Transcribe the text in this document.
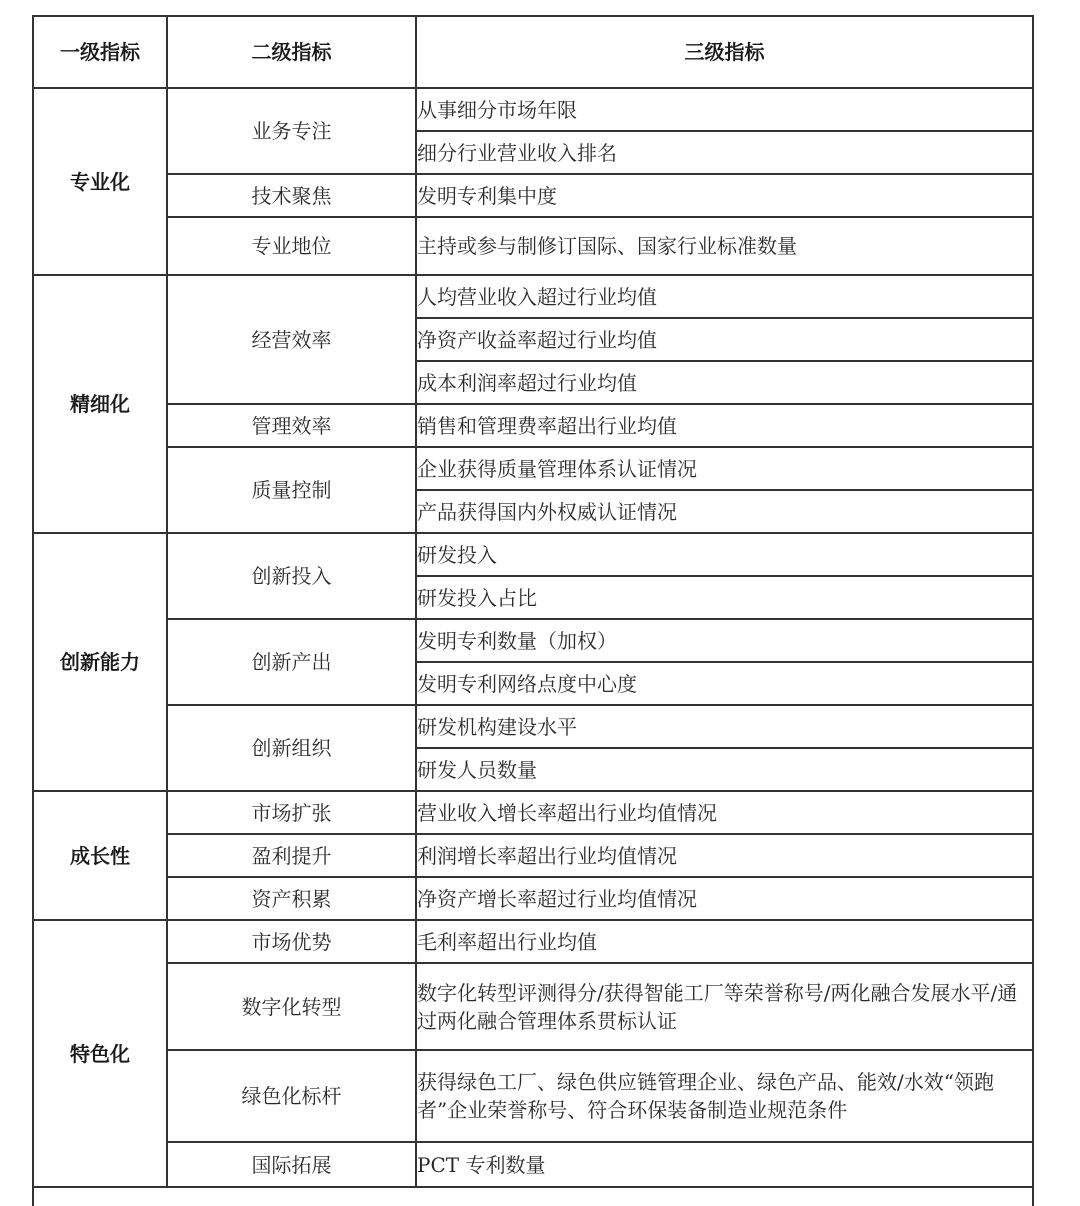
一级指标	二级指标	三级指标
专业化	业务专注	从事细分市场年限
		细分行业营业收入排名
	技术聚焦	发明专利集中度
	专业地位	主持或参与制修订国际、国家行业标准数量
精细化	经营效率	人均营业收入超过行业均值
		净资产收益率超过行业均值
		成本利润率超过行业均值
	管理效率	销售和管理费率超出行业均值
	质量控制	企业获得质量管理体系认证情况
		产品获得国内外权威认证情况
创新能力	创新投入	研发投入
		研发投入占比
	创新产出	发明专利数量（加权）
		发明专利网络点度中心度
	创新组织	研发机构建设水平
		研发人员数量
成长性	市场扩张	营业收入增长率超出行业均值情况
	盈利提升	利润增长率超出行业均值情况
	资产积累	净资产增长率超过行业均值情况
特色化	市场优势	毛利率超出行业均值
	数字化转型	数字化转型评测得分/获得智能工厂等荣誉称号/两化融合发展水平/通过两化融合管理体系贯标认证
	绿色化标杆	获得绿色工厂、绿色供应链管理企业、绿色产品、能效/水效“领跑者”企业荣誉称号、符合环保装备制造业规范条件
	国际拓展	PCT 专利数量
